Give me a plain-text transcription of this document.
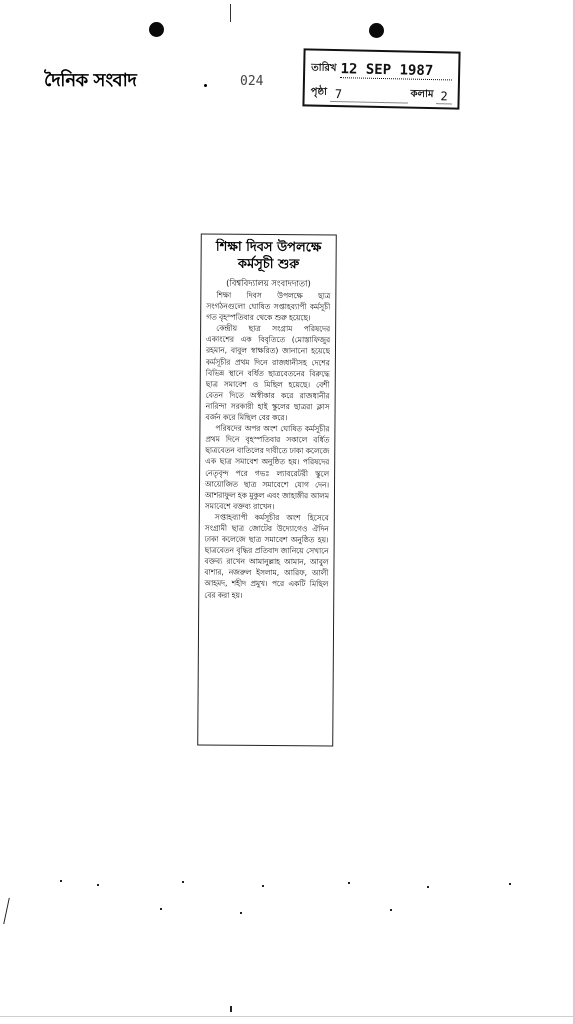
দৈনিক সংবাদ	024
তারিখ 12 SEP 1987
পৃষ্ঠা 7	কলাম 2
শিক্ষা দিবস উপলক্ষে
কর্মসূচী শুরু
(বিশ্ববিদ্যালয় সংবাদদাতা)

শিক্ষা দিবস উপলক্ষে ছাত্র সংগঠনগুলো ঘোষিত সপ্তাহব্যাপী কর্মসূচী গত বৃহস্পতিবার থেকে শুরু হয়েছে।

কেন্দ্রীয় ছাত্র সংগ্রাম পরিষদের একাংশের এক বিবৃতিতে (মোস্তাফিজুর রহমান, বাবুল স্বাক্ষরিত) জানানো হয়েছে কর্মসূচীর প্রথম দিনে রাজধানীসহ দেশের বিভিন্ন স্থানে বর্ধিত ছাত্রবেতনের বিরুদ্ধে ছাত্র সমাবেশ ও মিছিল হয়েছে। বেশী বেতন দিতে অস্বীকার করে রাজধানীর নারিন্দা সরকারী হাই স্কুলের ছাত্ররা ক্লাস বর্জন করে মিছিল বের করে।

পরিষদের অপর অংশ ঘোষিত কর্মসূচীর প্রথম দিনে বৃহস্পতিবার সকালে বর্ধিত ছাত্রবেতন বাতিলের দাবীতে ঢাকা কলেজে এক ছাত্র সমাবেশ অনুষ্ঠিত হয়। পরিষদের নেতৃবৃন্দ পরে গভঃ ল্যাবরেটরী স্কুলে আয়োজিত ছাত্র সমাবেশে যোগ দেন। আশরাফুল হক মুকুল এবং জাহাঙ্গীর আলম সমাবেশে বক্তব্য রাখেন।

সপ্তাহব্যাপী কর্মসূচীর অংশ হিসেবে সংগ্রামী ছাত্র জোটের উদ্যোগেও ঐদিন ঢাকা কলেজে ছাত্র সমাবেশ অনুষ্ঠিত হয়। ছাত্রবেতন বৃদ্ধির প্রতিবাদ জানিয়ে সেখানে বক্তব্য রাখেন আমানুল্লাহ আমান, আবুল বাশার, নজরুল ইসলাম, আরিফ, আলী আহমদ, শহীদ প্রমুখ। পরে একটি মিছিল বের করা হয়।
